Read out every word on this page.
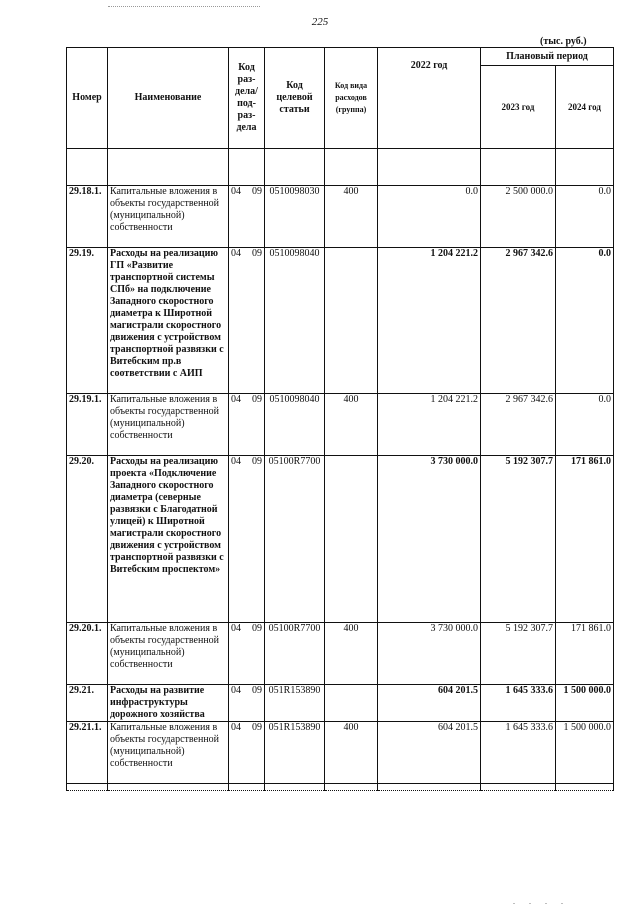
225
(тыс. руб.)
Номер	Наименование	Код раз-дела/ под-раз-дела	Код целевой статьи	Код вида расходов (группа)	2022 год	Плановый период	
						2023 год	2024 год

29.18.1.	Капитальные вложения в объекты государственной (муниципальной) собственности	04 09	0510098030	400	0.0	2 500 000.0	0.0
29.19.	Расходы на реализацию ГП «Развитие транспортной системы СПб» на подключение Западного скоростного диаметра к Широтной магистрали скоростного движения с устройством транспортной развязки с Витебским пр.в соответствии с АИП	04 09	0510098040		1 204 221.2	2 967 342.6	0.0
29.19.1.	Капитальные вложения в объекты государственной (муниципальной) собственности	04 09	0510098040	400	1 204 221.2	2 967 342.6	0.0
29.20.	Расходы на реализацию проекта «Подключение Западного скоростного диаметра (северные развязки с Благодатной улицей) к Широтной магистрали скоростного движения с устройством транспортной развязки с Витебским проспектом»	04 09	05100R7700		3 730 000.0	5 192 307.7	171 861.0
29.20.1.	Капитальные вложения в объекты государственной (муниципальной) собственности	04 09	05100R7700	400	3 730 000.0	5 192 307.7	171 861.0
29.21.	Расходы на развитие инфраструктуры дорожного хозяйства	04 09	051R153890		604 201.5	1 645 333.6	1 500 000.0
29.21.1.	Капитальные вложения в объекты государственной (муниципальной) собственности	04 09	051R153890	400	604 201.5	1 645 333.6	1 500 000.0

. . . .
